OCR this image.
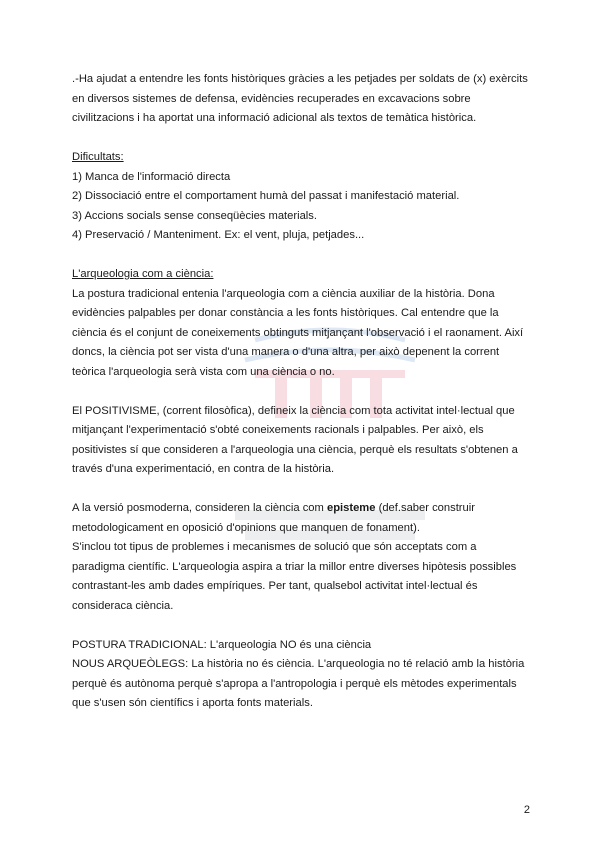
.-Ha ajudat a entendre les fonts històriques gràcies a les petjades per soldats de (x) exèrcits en diversos sistemes de defensa, evidències recuperades en excavacions sobre civilitzacions i ha aportat una informació adicional als textos de temàtica històrica.

Dificultats:

1) Manca de l'informació directa

2) Dissociació entre el comportament humà del passat i manifestació material.

3) Accions socials sense conseqüècies materials.

4) Preservació / Manteniment. Ex: el vent, pluja, petjades...

L'arqueologia com a ciència:

La postura tradicional entenia l'arqueologia com a ciència auxiliar de la història. Dona evidències palpables per donar constància a les fonts històriques. Cal entendre que la ciència és el conjunt de coneixements obtinguts mitjançant l'observació i el raonament. Així doncs, la ciència pot ser vista d'una manera o d'una altra, per això depenent la corrent teòrica l'arqueologia serà vista com una ciència o no.

El POSITIVISME, (corrent filosòfica), defineix la ciència com tota activitat intel·lectual que mitjançant l'experimentació s'obté coneixements racionals i palpables. Per això, els positivistes sí que consideren a l'arqueologia una ciència, perquè els resultats s'obtenen a través d'una experimentació, en contra de la història.

A la versió posmoderna, consideren la ciència com episteme (def.saber construir metodologicament en oposició d'opinions que manquen de fonament).

S'inclou tot tipus de problemes i mecanismes de solució que són acceptats com a paradigma científic. L'arqueologia aspira a triar la millor entre diverses hipòtesis possibles contrastant-les amb dades empíriques. Per tant, qualsebol activitat intel·lectual és consideraca ciència.

POSTURA TRADICIONAL: L'arqueologia NO és una ciència

NOUS ARQUEÒLEGS: La història no és ciència. L'arqueologia no té relació amb la història perquè és autònoma perquè s'apropa a l'antropologia i perquè els mètodes experimentals que s'usen són científics i aporta fonts materials.

2
